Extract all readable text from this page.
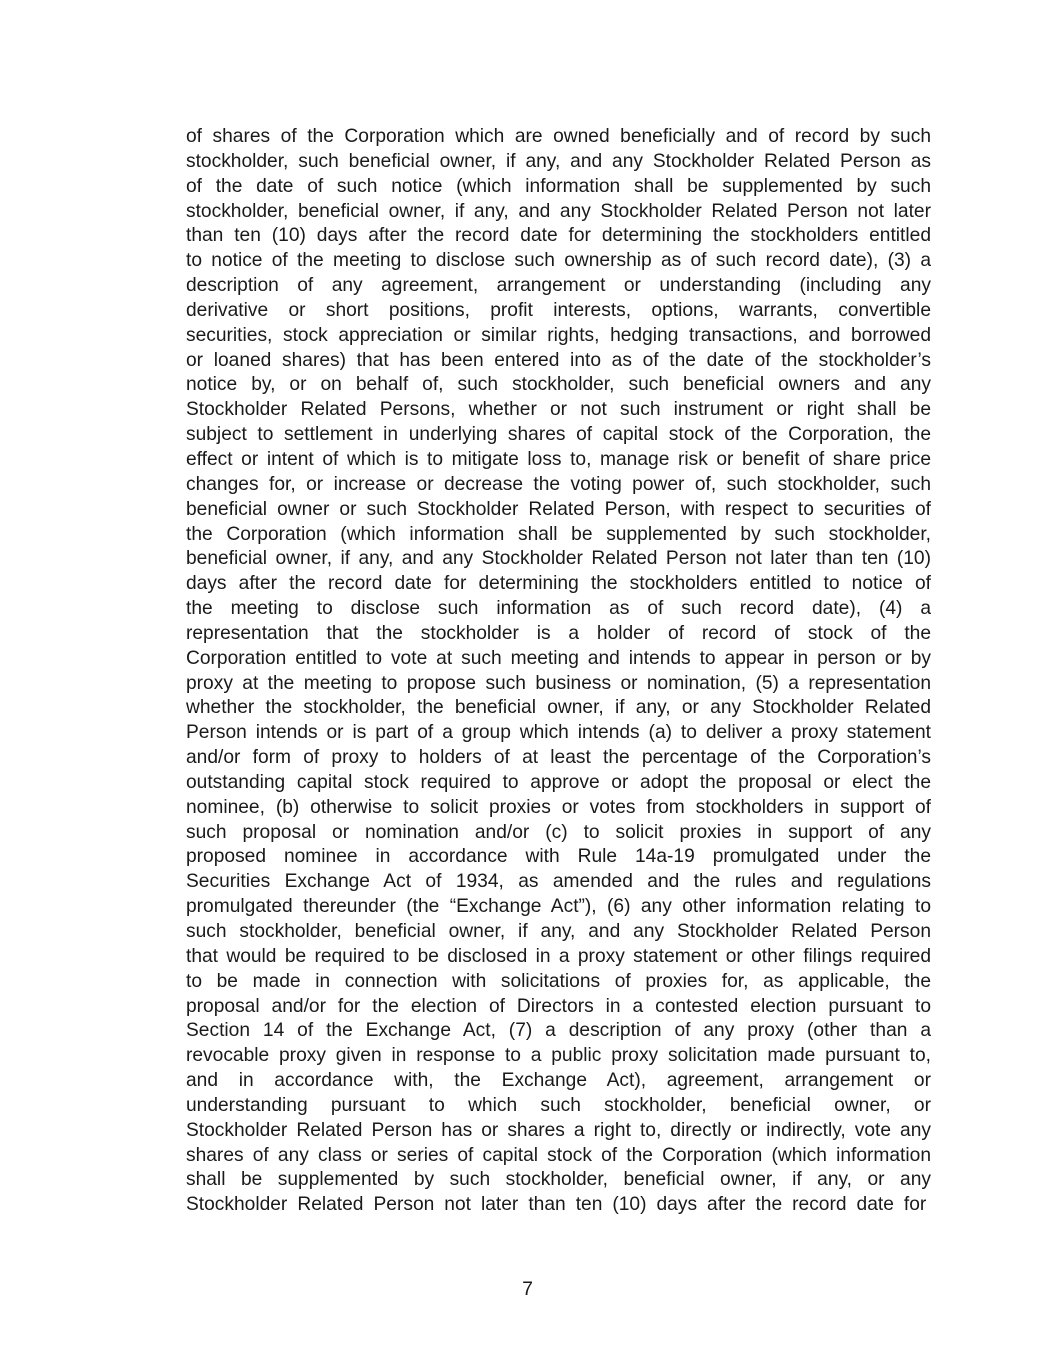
of shares of the Corporation which are owned beneficially and of record by such
stockholder, such beneficial owner, if any, and any Stockholder Related Person as
of the date of such notice (which information shall be supplemented by such
stockholder, beneficial owner, if any, and any Stockholder Related Person not later
than ten (10) days after the record date for determining the stockholders entitled
to notice of the meeting to disclose such ownership as of such record date), (3) a
description of any agreement, arrangement or understanding (including any
derivative or short positions, profit interests, options, warrants, convertible
securities, stock appreciation or similar rights, hedging transactions, and borrowed
or loaned shares) that has been entered into as of the date of the stockholder’s
notice by, or on behalf of, such stockholder, such beneficial owners and any
Stockholder Related Persons, whether or not such instrument or right shall be
subject to settlement in underlying shares of capital stock of the Corporation, the
effect or intent of which is to mitigate loss to, manage risk or benefit of share price
changes for, or increase or decrease the voting power of, such stockholder, such
beneficial owner or such Stockholder Related Person, with respect to securities of
the Corporation (which information shall be supplemented by such stockholder,
beneficial owner, if any, and any Stockholder Related Person not later than ten (10)
days after the record date for determining the stockholders entitled to notice of
the meeting to disclose such information as of such record date), (4) a
representation that the stockholder is a holder of record of stock of the
Corporation entitled to vote at such meeting and intends to appear in person or by
proxy at the meeting to propose such business or nomination, (5) a representation
whether the stockholder, the beneficial owner, if any, or any Stockholder Related
Person intends or is part of a group which intends (a) to deliver a proxy statement
and/or form of proxy to holders of at least the percentage of the Corporation’s
outstanding capital stock required to approve or adopt the proposal or elect the
nominee, (b) otherwise to solicit proxies or votes from stockholders in support of
such proposal or nomination and/or (c) to solicit proxies in support of any
proposed nominee in accordance with Rule 14a-19 promulgated under the
Securities Exchange Act of 1934, as amended and the rules and regulations
promulgated thereunder (the “Exchange Act”), (6) any other information relating to
such stockholder, beneficial owner, if any, and any Stockholder Related Person
that would be required to be disclosed in a proxy statement or other filings required
to be made in connection with solicitations of proxies for, as applicable, the
proposal and/or for the election of Directors in a contested election pursuant to
Section 14 of the Exchange Act, (7) a description of any proxy (other than a
revocable proxy given in response to a public proxy solicitation made pursuant to,
and in accordance with, the Exchange Act), agreement, arrangement or
understanding pursuant to which such stockholder, beneficial owner, or
Stockholder Related Person has or shares a right to, directly or indirectly, vote any
shares of any class or series of capital stock of the Corporation (which information
shall be supplemented by such stockholder, beneficial owner, if any, or any
Stockholder Related Person not later than ten (10) days after the record date for
7
